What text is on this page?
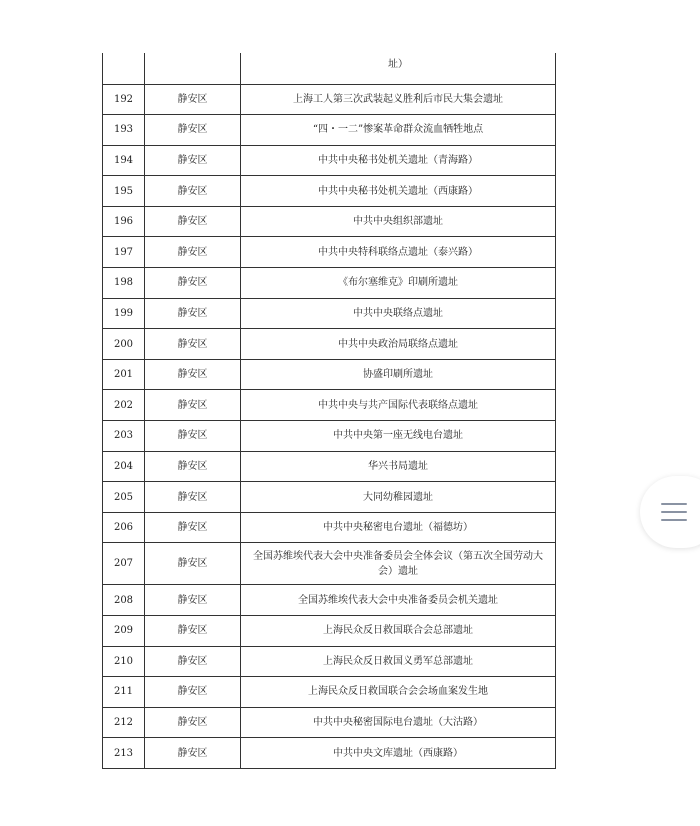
		址）
192	静安区	上海工人第三次武装起义胜利后市民大集会遗址
193	静安区	“四・一二”惨案革命群众流血牺牲地点
194	静安区	中共中央秘书处机关遗址（青海路）
195	静安区	中共中央秘书处机关遗址（西康路）
196	静安区	中共中央组织部遗址
197	静安区	中共中央特科联络点遗址（泰兴路）
198	静安区	《布尔塞维克》印刷所遗址
199	静安区	中共中央联络点遗址
200	静安区	中共中央政治局联络点遗址
201	静安区	协盛印刷所遗址
202	静安区	中共中央与共产国际代表联络点遗址
203	静安区	中共中央第一座无线电台遗址
204	静安区	华兴书局遗址
205	静安区	大同幼稚园遗址
206	静安区	中共中央秘密电台遗址（福德坊）
207	静安区	全国苏维埃代表大会中央准备委员会全体会议（第五次全国劳动大会）遗址
208	静安区	全国苏维埃代表大会中央准备委员会机关遗址
209	静安区	上海民众反日救国联合会总部遗址
210	静安区	上海民众反日救国义勇军总部遗址
211	静安区	上海民众反日救国联合会会场血案发生地
212	静安区	中共中央秘密国际电台遗址（大沽路）
213	静安区	中共中央文库遗址（西康路）
